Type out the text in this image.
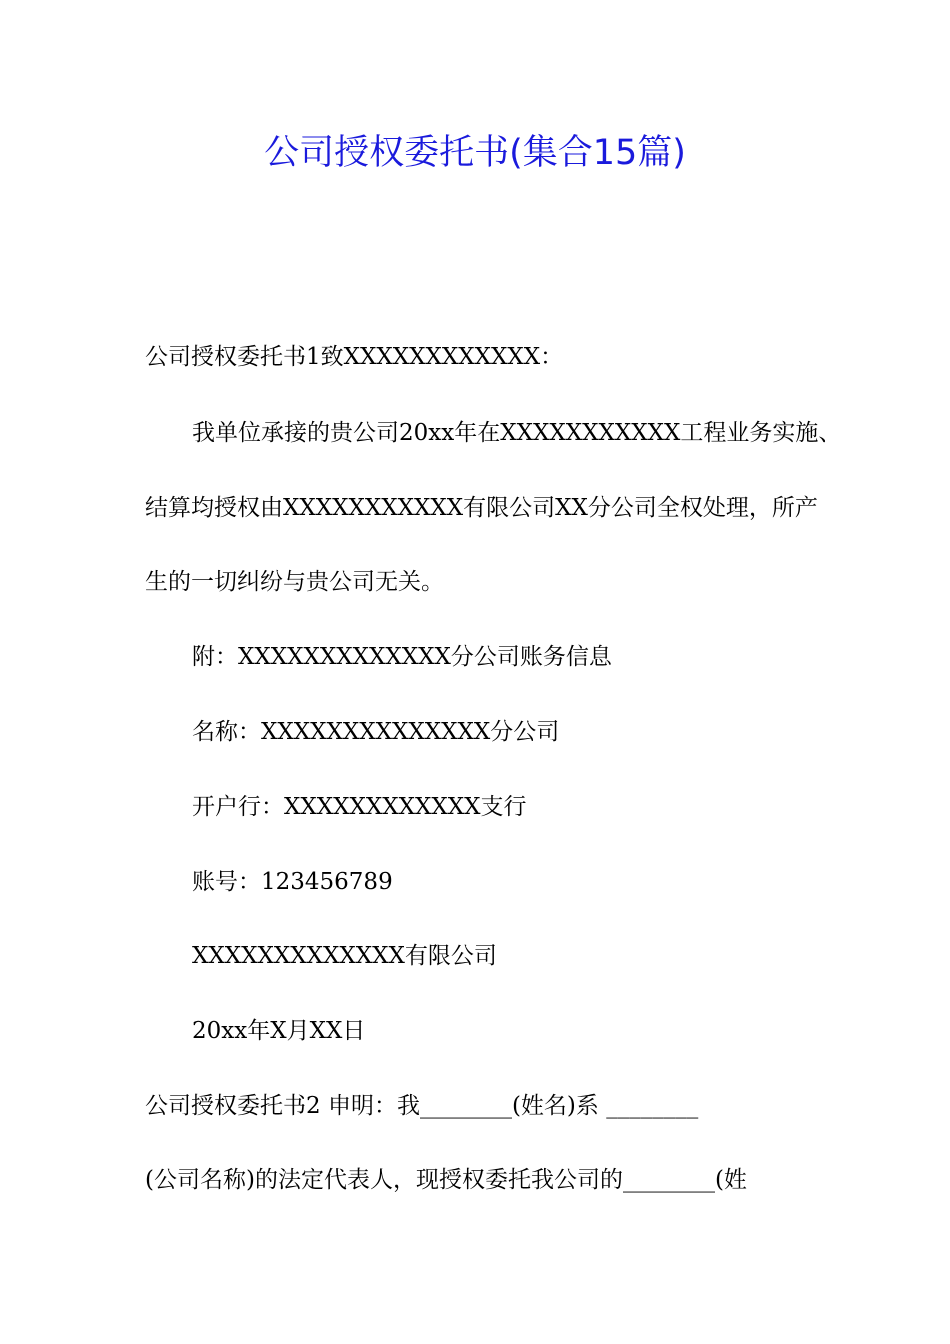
公司授权委托书(集合15篇)

公司授权委托书1致XXXXXXXXXXXX：

我单位承接的贵公司20xx年在XXXXXXXXXXX工程业务实施、

结算均授权由XXXXXXXXXXX有限公司XX分公司全权处理，所产

生的一切纠纷与贵公司无关。

附：XXXXXXXXXXXXX分公司账务信息

名称：XXXXXXXXXXXXXX分公司

开户行：XXXXXXXXXXXX支行

账号：123456789

XXXXXXXXXXXXX有限公司

20xx年X月XX日

公司授权委托书2 申明：我________(姓名)系 ________

(公司名称)的法定代表人，现授权委托我公司的________(姓
